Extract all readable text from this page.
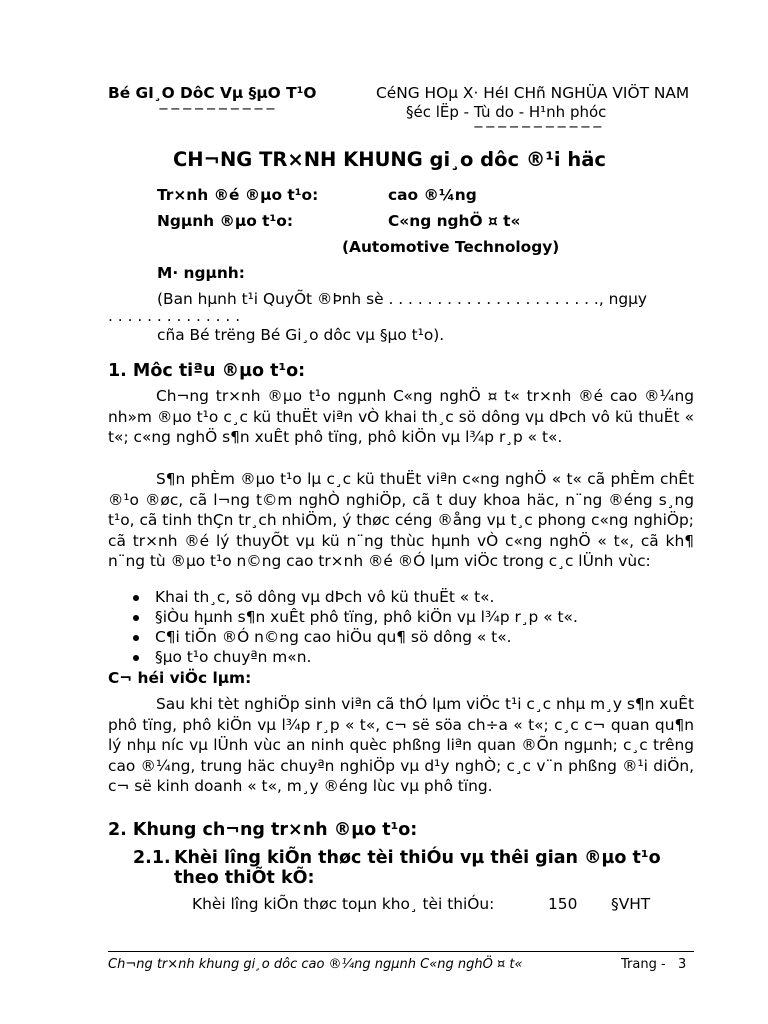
Bé GI¸O DôC Vµ §µO T¹O
−−−−−−−−−−
CéNG HOµ X· HéI CHñ NGHÜA VIÖT NAM
§éc lËp - Tù do - H¹nh phóc
−−−−−−−−−−−
CH¬NG TR×NH KHUNG gi¸o dôc ®¹i häc
Tr×nh ®é ®µo t¹o:	cao ®¼ng
Ngµnh ®µo t¹o:	C«ng nghÖ ¤ t«
(Automotive Technology)
M· ngµnh:
(Ban hµnh t¹i QuyÕt ®Þnh sè . . . . . . . . . . . . . . . . . . . . . ., ngµy
. . . . . . . . . . . . . .
cña Bé trëng Bé Gi¸o dôc vµ §µo t¹o).
1. Môc tiªu ®µo t¹o:
Ch¬ng tr×nh ®µo t¹o ngµnh C«ng nghÖ ¤ t« tr×nh ®é cao ®¼ng nh»m ®µo t¹o c¸c kü thuËt viªn vÒ khai th¸c sö dông vµ dÞch vô kü thuËt « t«; c«ng nghÖ s¶n xuÊt phô tïng, phô kiÖn vµ l¾p r¸p « t«.
S¶n phÈm ®µo t¹o lµ c¸c kü thuËt viªn c«ng nghÖ « t« cã phÈm chÊt ®¹o ®øc, cã l¬ng t©m nghÒ nghiÖp, cã t duy khoa häc, n¨ng ®éng s¸ng t¹o, cã tinh thÇn tr¸ch nhiÖm, ý thøc céng ®ång vµ t¸c phong c«ng nghiÖp; cã tr×nh ®é lý thuyÕt vµ kü n¨ng thùc hµnh vÒ c«ng nghÖ « t«, cã kh¶ n¨ng tù ®µo t¹o n©ng cao tr×nh ®é ®Ó lµm viÖc trong c¸c lÜnh vùc:
Khai th¸c, sö dông vµ dÞch vô kü thuËt « t«.
§iÒu hµnh s¶n xuÊt phô tïng, phô kiÖn vµ l¾p r¸p « t«.
C¶i tiÕn ®Ó n©ng cao hiÖu qu¶ sö dông « t«.
§µo t¹o chuyªn m«n.
C¬ héi viÖc lµm:
Sau khi tèt nghiÖp sinh viªn cã thÓ lµm viÖc t¹i c¸c nhµ m¸y s¶n xuÊt phô tïng, phô kiÖn vµ l¾p r¸p « t«, c¬ së söa ch÷a « t«; c¸c c¬ quan qu¶n lý nhµ níc vµ lÜnh vùc an ninh quèc phßng liªn quan ®Õn ngµnh; c¸c trêng cao ®¼ng, trung häc chuyªn nghiÖp vµ d¹y nghÒ; c¸c v¨n phßng ®¹i diÖn, c¬ së kinh doanh « t«, m¸y ®éng lùc vµ phô tïng.
2. Khung ch¬ng tr×nh ®µo t¹o:
2.1. Khèi lîng kiÕn thøc tèi thiÓu vµ thêi gian ®µo t¹o
theo thiÕt kÕ:
Khèi lîng kiÕn thøc toµn kho¸ tèi thiÓu:	150 §VHT
Ch¬ng tr×nh khung gi¸o dôc cao ®¼ng ngµnh C«ng nghÖ ¤ t«	Trang - 3
